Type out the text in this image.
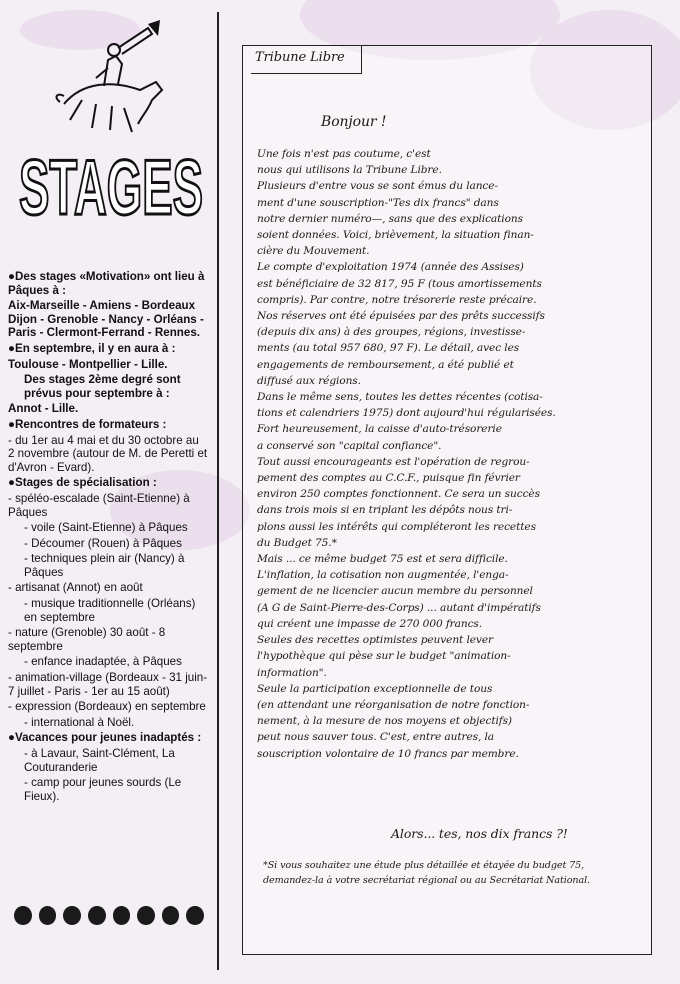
STAGES

●Des stages «Motivation» ont lieu à Pâques à :

Aix-Marseille - Amiens - Bordeaux Dijon - Grenoble - Nancy - Orléans - Paris - Clermont-Ferrand - Rennes.

●En septembre, il y en aura à :

Toulouse - Montpellier - Lille.

Des stages 2ème degré sont prévus pour septembre à :

Annot - Lille.

●Rencontres de formateurs :

- du 1er au 4 mai et du 30 octobre au 2 novembre (autour de M. de Peretti et d'Avron - Evard).

●Stages de spécialisation :

- spéléo-escalade (Saint-Etienne) à Pâques

- voile (Saint-Etienne) à Pâques

- Découmer (Rouen) à Pâques

- techniques plein air (Nancy) à Pâques

- artisanat (Annot) en août

- musique traditionnelle (Orléans) en septembre

- nature (Grenoble) 30 août - 8 septembre

- enfance inadaptée, à Pâques

- animation-village (Bordeaux - 31 juin-7 juillet - Paris - 1er au 15 août)

- expression (Bordeaux) en septembre

- international à Noël.

●Vacances pour jeunes inadaptés :

- à Lavaur, Saint-Clément, La Couturanderie

- camp pour jeunes sourds (Le Fieux).

Tribune Libre
Bonjour !
Une fois n'est pas coutume, c'est
nous qui utilisons la Tribune Libre.
Plusieurs d'entre vous se sont émus du lance-
ment d'une souscription-"Tes dix francs" dans
notre dernier numéro—, sans que des explications
soient données. Voici, brièvement, la situation finan-
cière du Mouvement.
Le compte d'exploitation 1974 (année des Assises)
est bénéficiaire de 32 817, 95 F (tous amortissements
compris). Par contre, notre trésorerie reste précaire.
Nos réserves ont été épuisées par des prêts successifs
(depuis dix ans) à des groupes, régions, investisse-
ments (au total 957 680, 97 F). Le détail, avec les
engagements de remboursement, a été publié et
diffusé aux régions.
Dans le même sens, toutes les dettes récentes (cotisa-
tions et calendriers 1975) dont aujourd'hui régularisées.
Fort heureusement, la caisse d'auto-trésorerie
a conservé son "capital confiance".
Tout aussi encourageants est l'opération de regrou-
pement des comptes au C.C.F., puisque fin février
environ 250 comptes fonctionnent. Ce sera un succès
dans trois mois si en triplant les dépôts nous tri-
plons aussi les intérêts qui compléteront les recettes
du Budget 75.*
Mais ... ce même budget 75 est et sera difficile.
L'inflation, la cotisation non augmentée, l'enga-
gement de ne licencier aucun membre du personnel
(A G de Saint-Pierre-des-Corps) ... autant d'impératifs
qui créent une impasse de 270 000 francs.
Seules des recettes optimistes peuvent lever
l'hypothèque qui pèse sur le budget "animation-
information".
Seule la participation exceptionnelle de tous
(en attendant une réorganisation de notre fonction-
nement, à la mesure de nos moyens et objectifs)
peut nous sauver tous. C'est, entre autres, la
souscription volontaire de 10 francs par membre.
Alors... tes, nos dix francs ?!
*Si vous souhaitez une étude plus détaillée et étayée du budget 75, demandez-la à votre secrétariat régional ou au Secrétariat National.
